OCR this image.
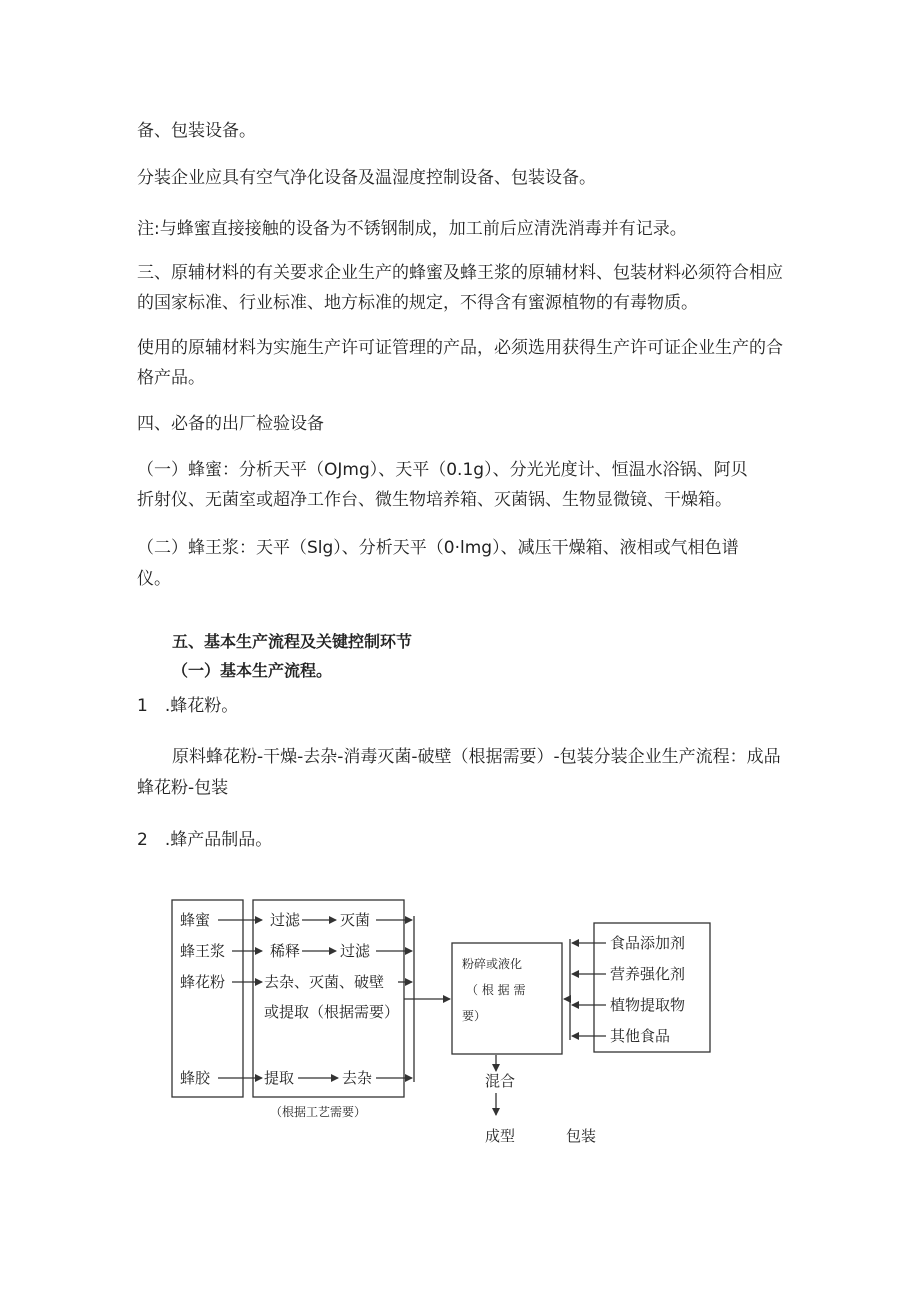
备、包装设备。
分装企业应具有空气净化设备及温湿度控制设备、包装设备。
注:与蜂蜜直接接触的设备为不锈钢制成，加工前后应清洗消毒并有记录。
三、原辅材料的有关要求企业生产的蜂蜜及蜂王浆的原辅材料、包装材料必须符合相应
的国家标准、行业标准、地方标准的规定，不得含有蜜源植物的有毒物质。
使用的原辅材料为实施生产许可证管理的产品，必须选用获得生产许可证企业生产的合
格产品。
四、必备的出厂检验设备
（一）蜂蜜：分析天平（OJmg）、天平（0.1g）、分光光度计、恒温水浴锅、阿贝
折射仪、无菌室或超净工作台、微生物培养箱、灭菌锅、生物显微镜、干燥箱。
（二）蜂王浆：天平（Slg）、分析天平（0·lmg）、减压干燥箱、液相或气相色谱
仪。
五、基本生产流程及关键控制环节
（一）基本生产流程。
1　.蜂花粉。
原料蜂花粉-干燥-去杂-消毒灭菌-破壁（根据需要）-包装分装企业生产流程：成品
蜂花粉-包装
2　.蜂产品制品。
蜂蜜
蜂王浆
蜂花粉
蜂胶
过滤	灭菌
稀释	过滤
去杂、灭菌、破壁
或提取（根据需要）
提取	去杂
（根据工艺需要）
粉碎或液化
（ 根 据 需
要）
食品添加剂
营养强化剂
植物提取物
其他食品
混合
成型	包装
